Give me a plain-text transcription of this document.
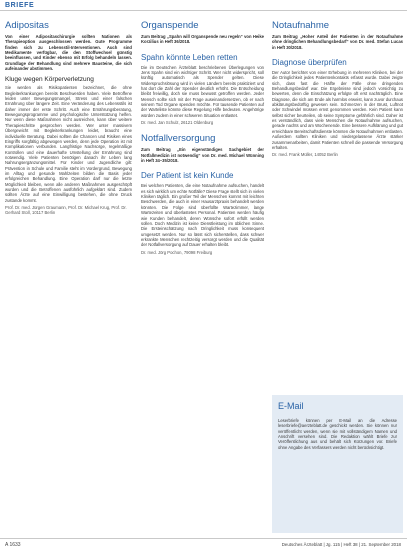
BRIEFE
Adipositas

Von einer Adipositaschirurgie sollten Nationen als Therapieoption ausgeschlossen werden. Gute Programme finden sich zu Lebensstil-Interventionen. Auch sind Medikamente verfügbar, die den Stoffwechsel günstig beeinflussen, und Kinder ebenso mit Erfolg behandeln lassen. Grundlage der Behandlung sind mehrere Bausteine, die sich aufeinander abstimmen.

Kluge wegen Körperverletzung

Sie werden als Risikopatienten bezeichnet, die ohne Begleiterkrankungen bereits Beschwerden haben. Viele Betroffene leiden unter Bewegungsmangel, Stress und einer falschen Ernährung über längere Zeit. Eine Veränderung des Lebensstils ist daher immer der erste Schritt. Auch eine Ernährungsberatung, Bewegungsprogramme und psychologische Unterstützung helfen. Nur wenn diese Maßnahmen nicht ausreichen, kann über weitere Therapieschritte gesprochen werden. Wer unter massivem Übergewicht mit Begleiterkrankungen leidet, braucht eine individuelle Beratung. Dabei sollten die Chancen und Risiken eines Eingriffs sorgfältig abgewogen werden, denn jede Operation ist mit Komplikationen verbunden. Langfristige Nachsorge, regelmäßige Kontrollen und eine dauerhafte Umstellung der Ernährung sind notwendig. Viele Patienten benötigen danach ihr Leben lang Nahrungsergänzungsmittel. Für Kinder und Jugendliche gilt: Prävention in Schule und Familie steht im Vordergrund, Bewegung im Alltag und gesunde Mahlzeiten bilden die Basis jeder erfolgreichen Behandlung. Eine Operation darf nur die letzte Möglichkeit bleiben, wenn alle anderen Maßnahmen ausgeschöpft wurden und die Betroffenen ausführlich aufgeklärt sind. Zudem sollten Ärzte auf eine Einwilligung bestehen, die ohne Druck zustande kommt.

Prof. Dr. med. Jürgen Graumann, Prof. Dr. Michael Krug, Prof. Dr. Gerhard Stoll, 10117 Berlin
Organspende

Zum Beitrag „Spahn will Organspende neu regeln“ von Heike Korzilius in Heft 36/2018.

Spahn könnte Leben retten

Die im Deutschen Ärzteblatt beschriebenen Überlegungen von Jens Spahn sind ein wichtiger Schritt. Wer nicht widerspricht, soll künftig automatisch als Spender gelten. Diese Widerspruchslösung wird in vielen Ländern bereits praktiziert und hat dort die Zahl der Spender deutlich erhöht. Die Entscheidung bleibt freiwillig, doch sie muss bewusst getroffen werden. Jeder Mensch sollte sich mit der Frage auseinandersetzen, ob er nach seinem Tod Organe spenden möchte. Für tausende Patienten auf der Warteliste könnte diese Regelung Hilfe bedeuten. Angehörige würden zudem in einer schweren Situation entlastet.

Dr. med. Jan Schulz, 26121 Oldenburg
Notfallversorgung

Zum Beitrag „Ein eigenständiges Sachgebiet der Notfallmedizin ist notwendig“ von Dr. med. Michael Wünning in Heft 34–35/2018.

Der Patient ist kein Kunde

Bei welchen Patienten, die eine Notaufnahme aufsuchen, handelt es sich wirklich um echte Notfälle? Diese Frage stellt sich in vielen Kliniken täglich. Ein großer Teil der Menschen kommt mit leichten Beschwerden, die auch in einer Hausarztpraxis behandelt werden könnten. Die Folge sind überfüllte Wartezimmer, lange Wartezeiten und überlastetes Personal. Patienten werden häufig wie Kunden behandelt, deren Wünsche sofort erfüllt werden sollen. Doch Medizin ist keine Dienstleistung im üblichen Sinne. Die Ersteinschätzung nach Dringlichkeit muss konsequent umgesetzt werden. Nur so lässt sich sicherstellen, dass schwer erkrankte Menschen rechtzeitig versorgt werden und die Qualität der Notfallversorgung auf Dauer erhalten bleibt.

Dr. med. Jörg Pochon, 79098 Freiburg
Notaufnahme

Zum Beitrag „Hoher Anteil der Patienten in der Notaufnahme ohne dringlichen Behandlungsbedarf“ von Dr. med. Stefan Lucas in Heft 30/2018.

Diagnose überprüfen

Der Autor berichtet von einer Erhebung in mehreren Kliniken, bei der die Dringlichkeit jedes Patientenkontakts erfasst wurde. Dabei zeigte sich, dass fast die Hälfte der Fälle ohne dringenden Behandlungsbedarf war. Die Ergebnisse sind jedoch vorsichtig zu bewerten, denn die Einschätzung erfolgte oft erst nachträglich. Eine Diagnose, die sich am Ende als harmlos erweist, kann zuvor durchaus abklärungsbedürftig gewesen sein. Schmerzen in der Brust, Luftnot oder Schwindel müssen ernst genommen werden. Kein Patient kann selbst sicher beurteilen, ob seine Symptome gefährlich sind. Daher ist es verständlich, dass viele Menschen die Notaufnahme aufsuchen, gerade nachts und am Wochenende. Eine bessere Aufklärung und gut erreichbare Bereitschaftsdienste könnten die Notaufnahmen entlasten. Außerdem sollten Kliniken und niedergelassene Ärzte stärker zusammenarbeiten, damit Patienten schnell die passende Versorgung erhalten.

Dr. med. Frank Müller, 14052 Berlin
E-Mail

Leserbriefe können per E-Mail an die Adresse leserbriefe@aerzteblatt.de geschickt werden. Sie können nur veröffentlicht werden, wenn sie mit vollständigem Namen und Anschrift versehen sind. Die Redaktion wählt Briefe zur Veröffentlichung aus und behält sich Kürzungen vor. Briefe ohne Angabe des Verfassers werden nicht berücksichtigt.

A 1633	Deutsches Ärzteblatt | Jg. 115 | Heft 38 | 21. September 2018
